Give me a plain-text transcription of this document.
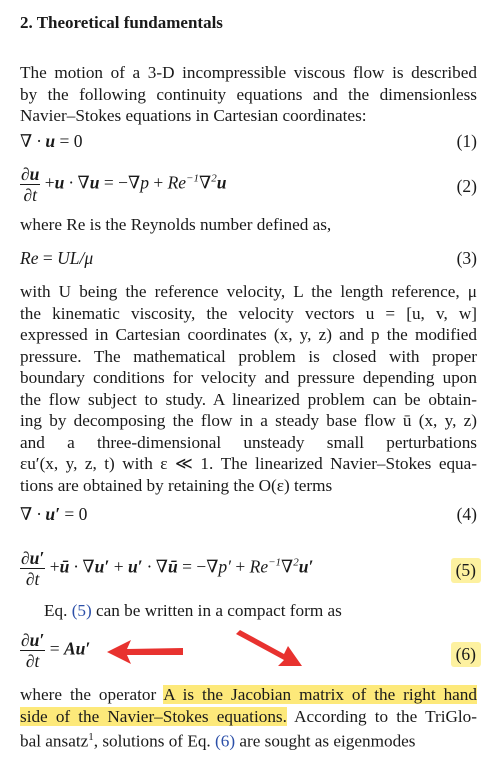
2. Theoretical fundamentals
The motion of a 3-D incompressible viscous flow is described
by the following continuity equations and the dimensionless
Navier–Stokes equations in Cartesian coordinates:
∇ · u = 0	(1)
$\frac{\partial u}{\partial t} +u \cdot \nabla u = -\nabla p + Re^{-1}\nabla^2u$	(2)
where Re is the Reynolds number defined as,
Re = UL/μ	(3)
with U being the reference velocity, L the length reference, μ
the kinematic viscosity, the velocity vectors u = [u, v, w]
expressed in Cartesian coordinates (x, y, z) and p the modified
pressure. The mathematical problem is closed with proper
boundary conditions for velocity and pressure depending upon
the flow subject to study. A linearized problem can be obtain-
ing by decomposing the flow in a steady base flow ū (x, y, z)
and a three-dimensional unsteady small perturbations
εu′(x, y, z, t) with ε ≪ 1. The linearized Navier–Stokes equa-
tions are obtained by retaining the O(ε) terms
∇ · u′ = 0	(4)
$\frac{\partial u'}{\partial t}$ +ū · ∇u′ + u′ · ∇ū = $-\nabla p' + Re^{-1}\nabla^2u'$	(5)
Eq. (5) can be written in a compact form as
$\frac{\partial u'}{\partial t} = Au'$	(6)
where the operator A is the Jacobian matrix of the right hand
side of the Navier–Stokes equations. According to the TriGlo-
bal ansatz$^1$, solutions of Eq. (6) are sought as eigenmodes
